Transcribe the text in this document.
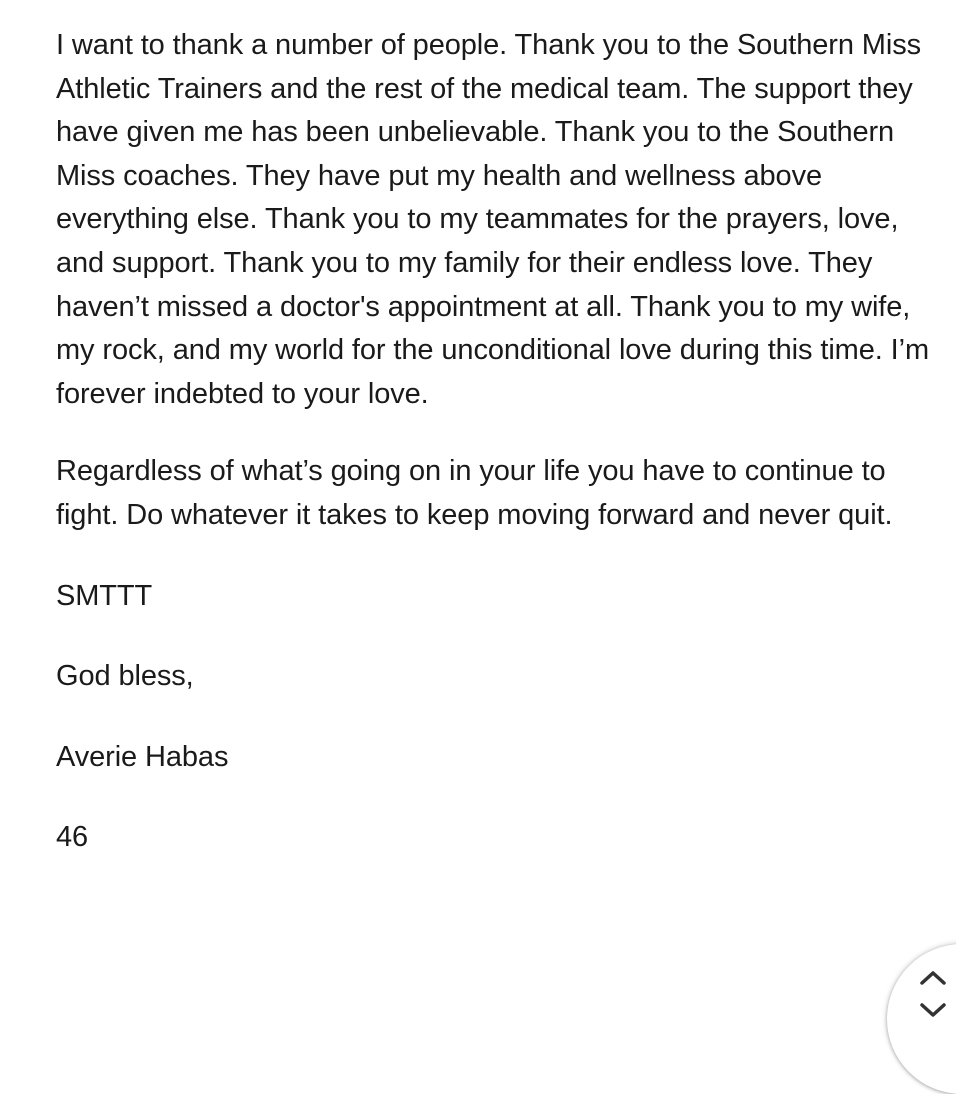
I want to thank a number of people. Thank you to the Southern Miss Athletic Trainers and the rest of the medical team. The support they have given me has been unbelievable. Thank you to the Southern Miss coaches. They have put my health and wellness above everything else. Thank you to my teammates for the prayers, love, and support. Thank you to my family for their endless love. They haven’t missed a doctor's appointment at all. Thank you to my wife, my rock, and my world for the unconditional love during this time. I’m forever indebted to your love.

Regardless of what’s going on in your life you have to continue to fight. Do whatever it takes to keep moving forward and never quit.

SMTTT

God bless,

Averie Habas

46
